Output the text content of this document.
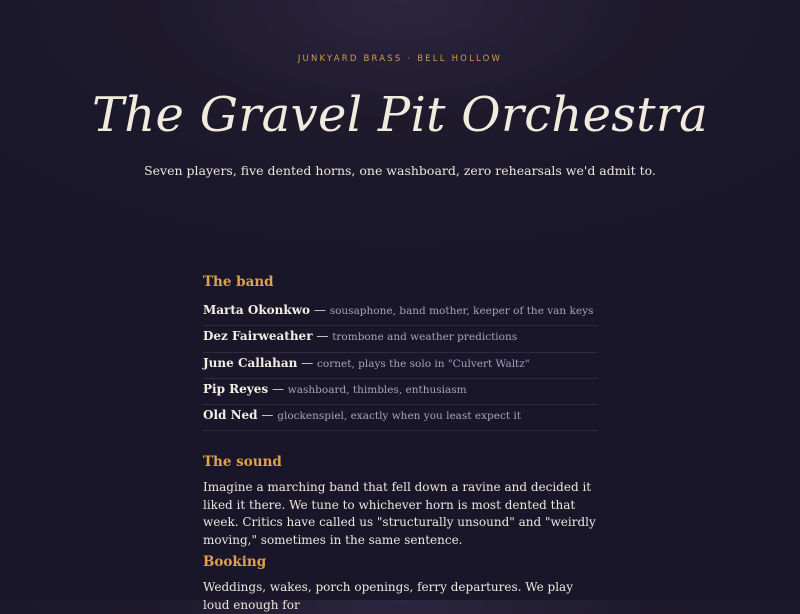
JUNKYARD BRASS · BELL HOLLOW
The Gravel Pit Orchestra
Seven players, five dented horns, one washboard, zero rehearsals we'd admit to.
The band
Marta Okonkwo — sousaphone, band mother, keeper of the van keys
Dez Fairweather — trombone and weather predictions
June Callahan — cornet, plays the solo in "Culvert Waltz"
Pip Reyes — washboard, thimbles, enthusiasm
Old Ned — glockenspiel, exactly when you least expect it
The sound

Imagine a marching band that fell down a ravine and decided it liked it there. We tune to whichever horn is most dented that week. Critics have called us "structurally unsound" and "weirdly moving," sometimes in the same sentence.

Booking

Weddings, wakes, porch openings, ferry departures. We play loud enough for
